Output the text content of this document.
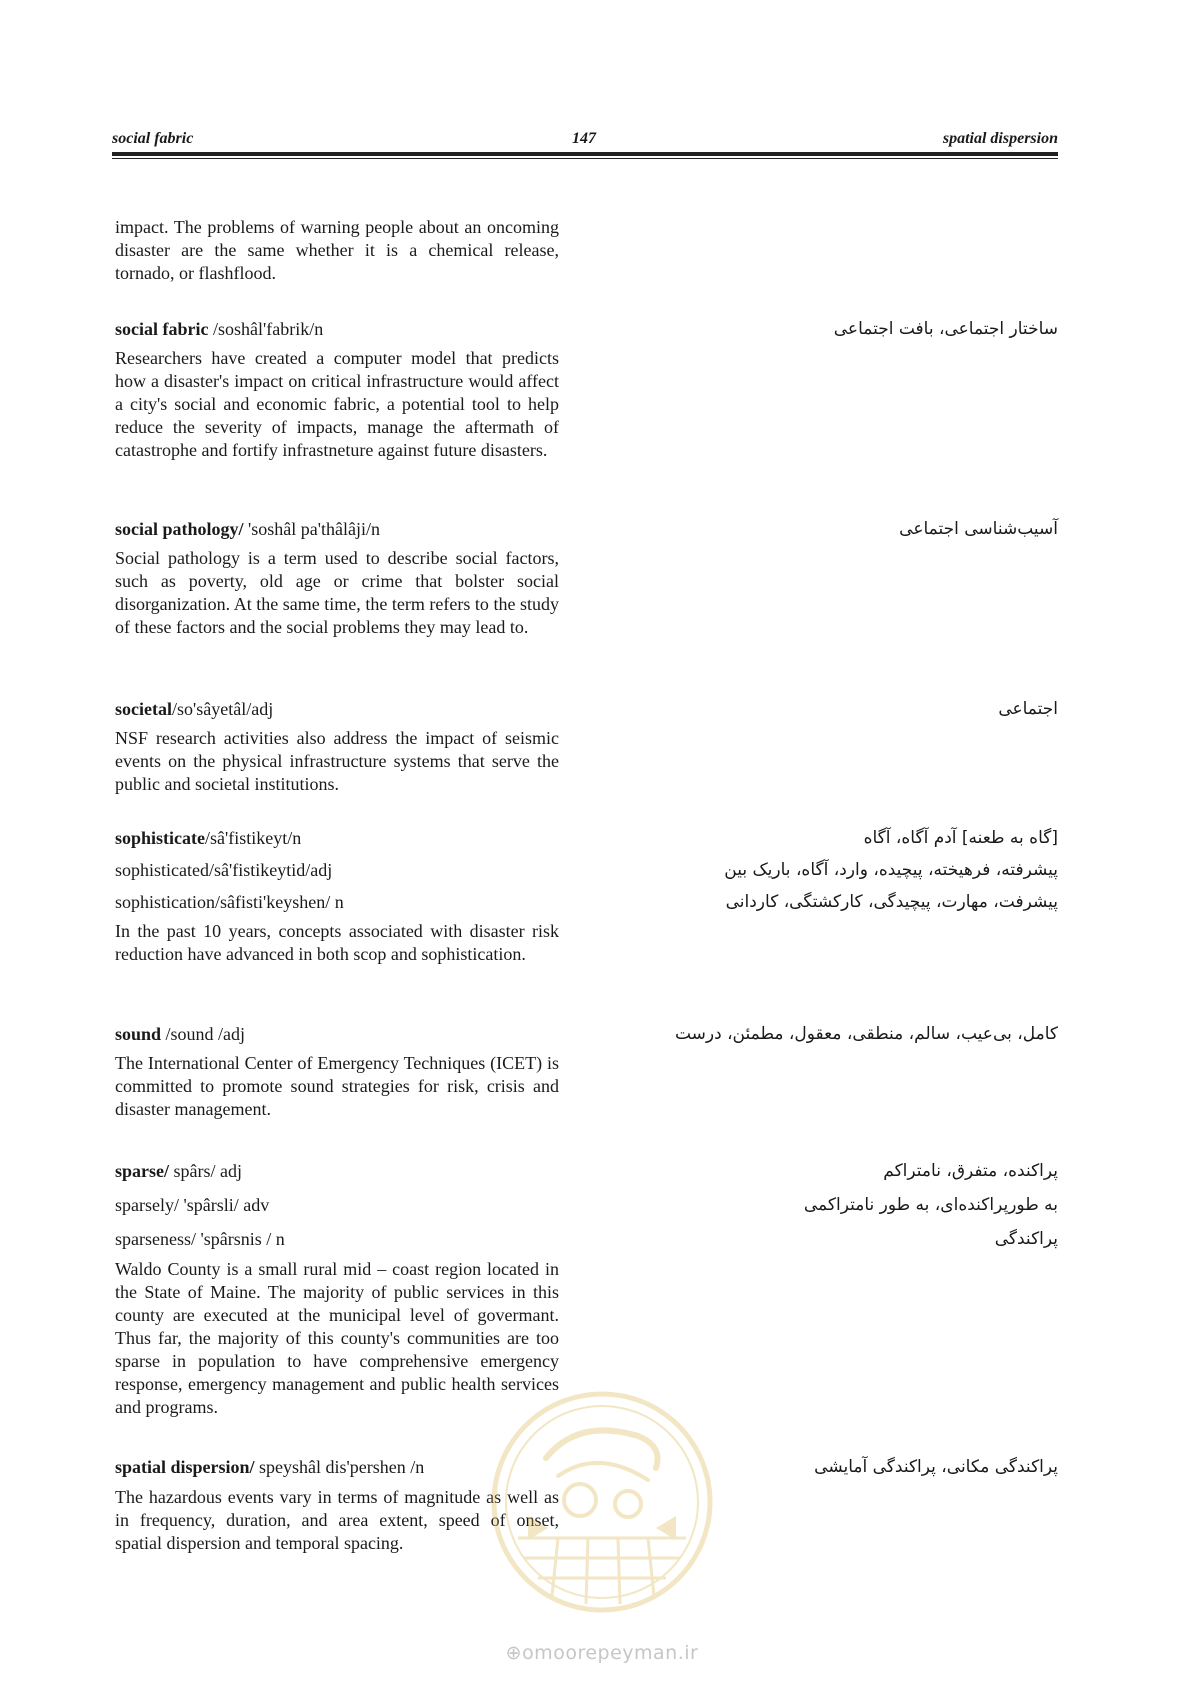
social fabric	147	spatial dispersion
impact. The problems of warning people about an oncoming disaster are the same whether it is a chemical release, tornado, or flashflood.
social fabric /soshâl'fabrik/n	ساختار اجتماعی، بافت اجتماعی
Researchers have created a computer model that predicts how a disaster's impact on critical infrastructure would affect a city's social and economic fabric, a potential tool to help reduce the severity of impacts, manage the aftermath of catastrophe and fortify infrastneture against future disasters.
social pathology/ 'soshâl pa'thâlâji/n	آسیب‌شناسی اجتماعی
Social pathology is a term used to describe social factors, such as poverty, old age or crime that bolster social disorganization. At the same time, the term refers to the study of these factors and the social problems they may lead to.
societal/so'sâyetâl/adj	اجتماعی
NSF research activities also address the impact of seismic events on the physical infrastructure systems that serve the public and societal institutions.
sophisticate/sâ'fistikeyt/n	[گاه به طعنه] آدم آگاه، آگاه
sophisticated/sâ'fistikeytid/adj	پیشرفته، فرهیخته، پیچیده، وارد، آگاه، باریک بین
sophistication/sâfisti'keyshen/ n	پیشرفت، مهارت، پیچیدگی، کارکشتگی، کاردانی
In the past 10 years, concepts associated with disaster risk reduction have advanced in both scop and sophistication.
sound /sound /adj	کامل، بی‌عیب، سالم، منطقی، معقول، مطمئن، درست
The International Center of Emergency Techniques (ICET) is committed to promote sound strategies for risk, crisis and disaster management.
sparse/ spârs/ adj	پراکنده، متفرق، نامتراکم
sparsely/ 'spârsli/ adv	به طورپراکنده‌ای، به طور نامتراکمی
sparseness/ 'spârsnis / n	پراکندگی
Waldo County is a small rural mid – coast region located in the State of Maine. The majority of public services in this county are executed at the municipal level of govermant. Thus far, the majority of this county's communities are too sparse in population to have comprehensive emergency response, emergency management and public health services and programs.
spatial dispersion/ speyshâl dis'pershen /n	پراکندگی مکانی، پراکندگی آمایشی
The hazardous events vary in terms of magnitude as well as in frequency, duration, and area extent, speed of onset, spatial dispersion and temporal spacing.
⊕omoorepeyman.ir
